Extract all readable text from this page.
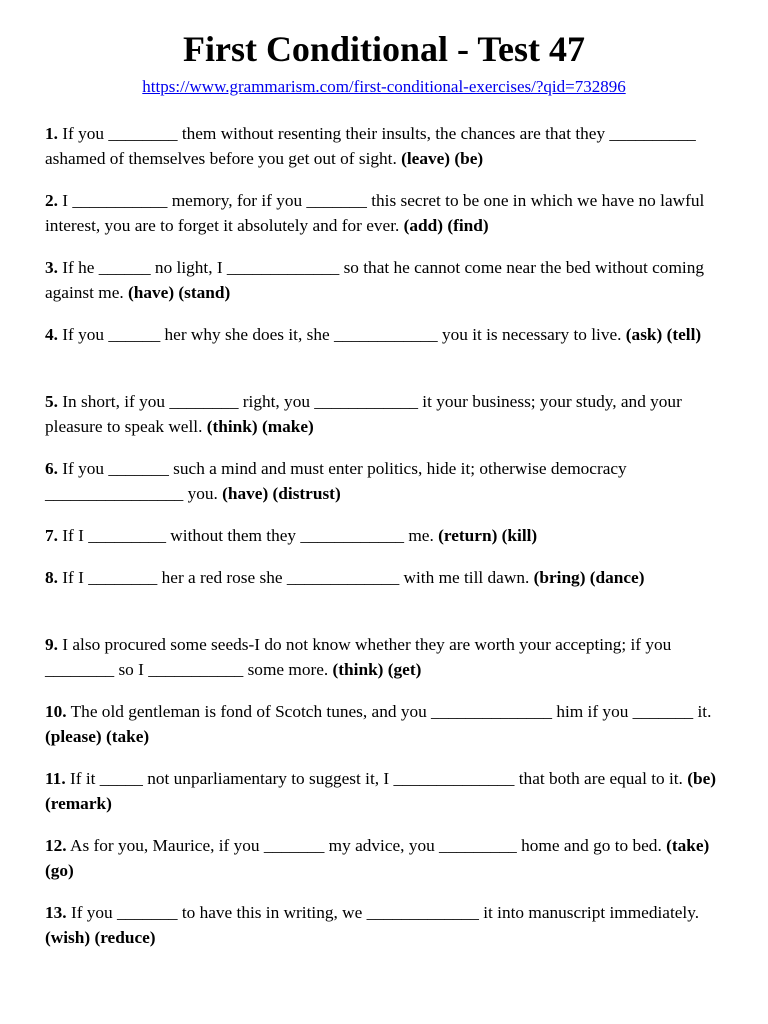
First Conditional - Test 47
https://www.grammarism.com/first-conditional-exercises/?qid=732896

1. If you ________ them without resenting their insults, the chances are that they __________ ashamed of themselves before you get out of sight. (leave) (be)

2. I ___________ memory, for if you _______ this secret to be one in which we have no lawful interest, you are to forget it absolutely and for ever. (add) (find)

3. If he ______ no light, I _____________ so that he cannot come near the bed without coming against me. (have) (stand)

4. If you ______ her why she does it, she ____________ you it is necessary to live. (ask) (tell)

5. In short, if you ________ right, you ____________ it your business; your study, and your pleasure to speak well. (think) (make)

6. If you _______ such a mind and must enter politics, hide it; otherwise democracy ________________ you. (have) (distrust)

7. If I _________ without them they ____________ me. (return) (kill)

8. If I ________ her a red rose she _____________ with me till dawn. (bring) (dance)

9. I also procured some seeds-I do not know whether they are worth your accepting; if you ________ so I ___________ some more. (think) (get)

10. The old gentleman is fond of Scotch tunes, and you ______________ him if you _______ it. (please) (take)

11. If it _____ not unparliamentary to suggest it, I ______________ that both are equal to it. (be) (remark)

12. As for you, Maurice, if you _______ my advice, you _________ home and go to bed. (take) (go)

13. If you _______ to have this in writing, we _____________ it into manuscript immediately. (wish) (reduce)
